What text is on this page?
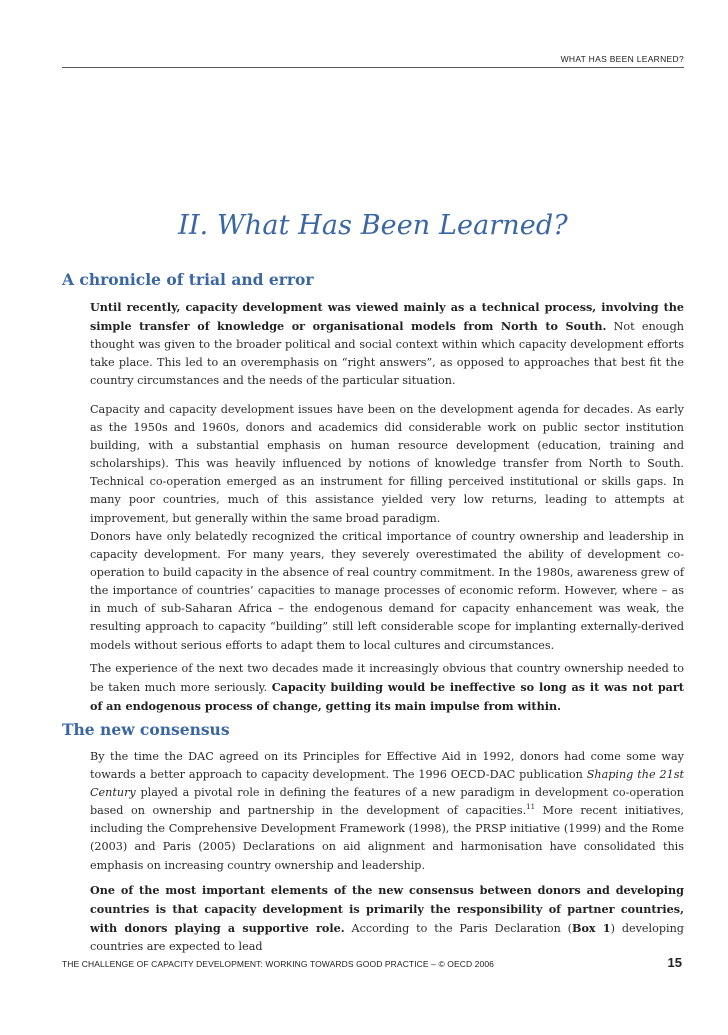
WHAT HAS BEEN LEARNED?
II. What Has Been Learned?
A chronicle of trial and error

Until recently, capacity development was viewed mainly as a technical process, involving the simple transfer of knowledge or organisational models from North to South. Not enough thought was given to the broader political and social context within which capacity development efforts take place. This led to an overemphasis on “right answers”, as opposed to approaches that best fit the country circumstances and the needs of the particular situation.

Capacity and capacity development issues have been on the development agenda for decades. As early as the 1950s and 1960s, donors and academics did considerable work on public sector institution building, with a substantial emphasis on human resource development (education, training and scholarships). This was heavily influenced by notions of knowledge transfer from North to South. Technical co-operation emerged as an instrument for filling perceived institutional or skills gaps. In many poor countries, much of this assistance yielded very low returns, leading to attempts at improvement, but generally within the same broad paradigm.

Donors have only belatedly recognized the critical importance of country ownership and leadership in capacity development. For many years, they severely overestimated the ability of development co-operation to build capacity in the absence of real country commitment. In the 1980s, awareness grew of the importance of countries’ capacities to manage processes of economic reform. However, where – as in much of sub-Saharan Africa – the endogenous demand for capacity enhancement was weak, the resulting approach to capacity “building” still left considerable scope for implanting externally-derived models without serious efforts to adapt them to local cultures and circumstances.

The experience of the next two decades made it increasingly obvious that country ownership needed to be taken much more seriously. Capacity building would be ineffective so long as it was not part of an endogenous process of change, getting its main impulse from within.

The new consensus

By the time the DAC agreed on its Principles for Effective Aid in 1992, donors had come some way towards a better approach to capacity development. The 1996 OECD-DAC publication Shaping the 21st Century played a pivotal role in defining the features of a new paradigm in development co-operation based on ownership and partnership in the development of capacities.$^{11}$ More recent initiatives, including the Comprehensive Development Framework (1998), the PRSP initiative (1999) and the Rome (2003) and Paris (2005) Declarations on aid alignment and harmonisation have consolidated this emphasis on increasing country ownership and leadership.

One of the most important elements of the new consensus between donors and developing countries is that capacity development is primarily the responsibility of partner countries, with donors playing a supportive role. According to the Paris Declaration (Box 1) developing countries are expected to lead

THE CHALLENGE OF CAPACITY DEVELOPMENT: WORKING TOWARDS GOOD PRACTICE – © OECD 2006	15
